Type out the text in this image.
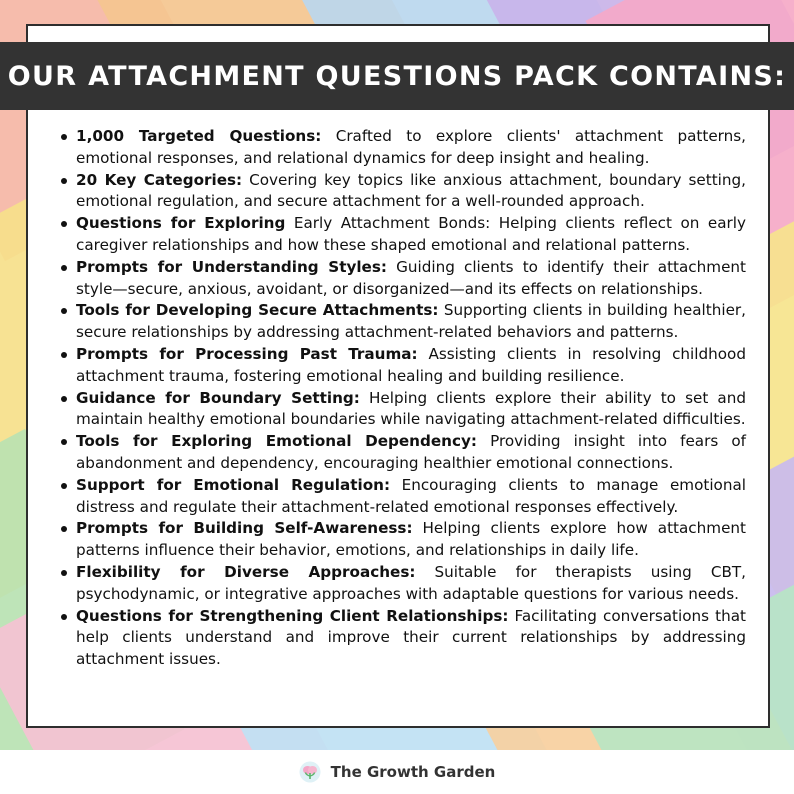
OUR ATTACHMENT QUESTIONS PACK CONTAINS:
1,000 Targeted Questions: Crafted to explore clients' attachment patterns, emotional responses, and relational dynamics for deep insight and healing.
20 Key Categories: Covering key topics like anxious attachment, boundary setting, emotional regulation, and secure attachment for a well-rounded approach.
Questions for Exploring Early Attachment Bonds: Helping clients reflect on early caregiver relationships and how these shaped emotional and relational patterns.
Prompts for Understanding Styles: Guiding clients to identify their attachment style—secure, anxious, avoidant, or disorganized—and its effects on relationships.
Tools for Developing Secure Attachments: Supporting clients in building healthier, secure relationships by addressing attachment-related behaviors and patterns.
Prompts for Processing Past Trauma: Assisting clients in resolving childhood attachment trauma, fostering emotional healing and building resilience.
Guidance for Boundary Setting: Helping clients explore their ability to set and maintain healthy emotional boundaries while navigating attachment-related difficulties.
Tools for Exploring Emotional Dependency: Providing insight into fears of abandonment and dependency, encouraging healthier emotional connections.
Support for Emotional Regulation: Encouraging clients to manage emotional distress and regulate their attachment-related emotional responses effectively.
Prompts for Building Self-Awareness: Helping clients explore how attachment patterns influence their behavior, emotions, and relationships in daily life.
Flexibility for Diverse Approaches: Suitable for therapists using CBT, psychodynamic, or integrative approaches with adaptable questions for various needs.
Questions for Strengthening Client Relationships: Facilitating conversations that help clients understand and improve their current relationships by addressing attachment issues.
The Growth Garden
